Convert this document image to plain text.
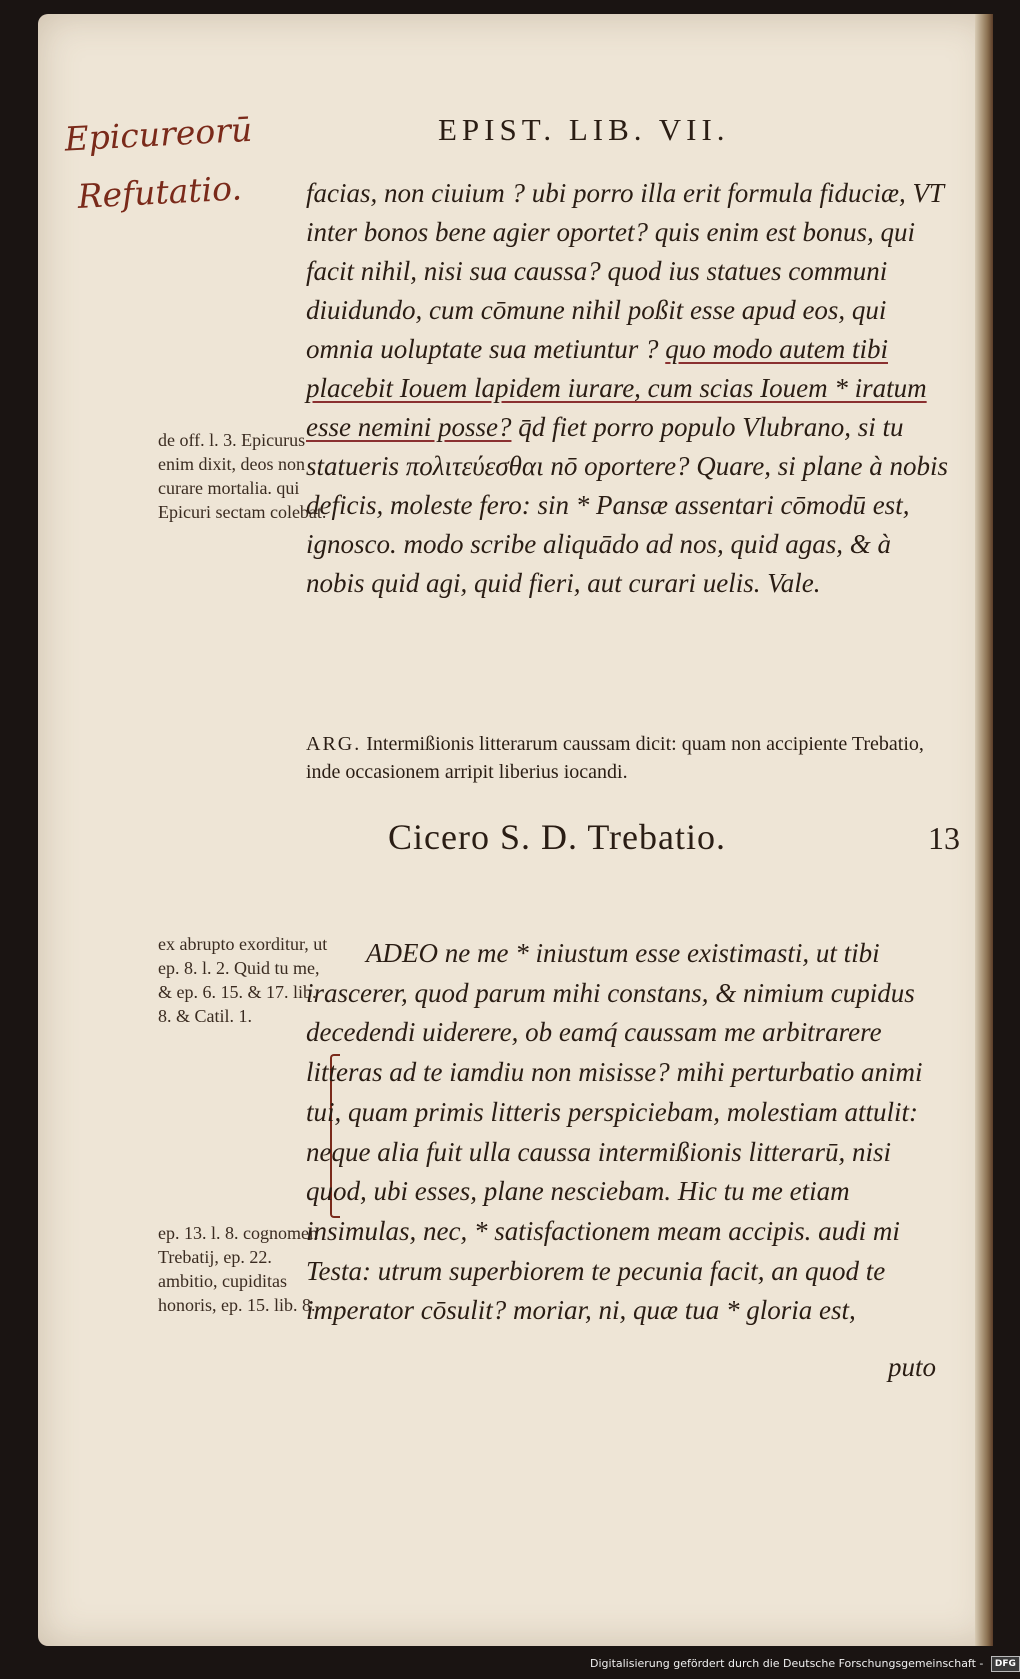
Epicureorū
Refutatio.
EPIST. LIB. VII.
facias, non ciuium ? ubi porro illa erit formula fiduciæ, VT inter bonos bene agier oportet? quis enim est bonus, qui facit nihil, nisi sua caussa? quod ius statues communi diuidundo, cum cōmune nihil poßit esse apud eos, qui omnia uoluptate sua metiuntur ? quo modo autem tibi placebit Iouem lapidem iurare, cum scias Iouem * iratum esse nemini posse? q̄d fiet porro populo Vlubrano, si tu statueris πολιτεύεσθαι nō oportere? Quare, si plane à nobis deficis, moleste fero: sin * Pansæ assentari cōmodū est, ignosco. modo scribe aliquādo ad nos, quid agas, & à nobis quid agi, quid fieri, aut curari uelis. Vale.
de off. l. 3. Epicurus enim dixit, deos non curare mortalia. qui Epicuri sectam colebat.
ARG. Intermißionis litterarum caussam dicit: quam non accipiente Trebatio, inde occasionem arripit liberius iocandi.
Cicero S. D. Trebatio.	13
ex abrupto exorditur, ut ep. 8. l. 2. Quid tu me, & ep. 6. 15. & 17. lib. 8. & Catil. 1.
ep. 13. l. 8. cognomen Trebatij, ep. 22. ambitio, cupiditas honoris, ep. 15. lib. 8.
ADEO ne me * iniustum esse existimasti, ut tibi irascerer, quod parum mihi constans, & nimium cupidus decedendi uiderere, ob eamq́ caussam me arbitrarere litteras ad te iamdiu non misisse? mihi perturbatio animi tui, quam primis litteris perspiciebam, molestiam attulit: neque alia fuit ulla caussa intermißionis litterarū, nisi quod, ubi esses, plane nesciebam. Hic tu me etiam insimulas, nec, * satisfactionem meam accipis. audi mi Testa: utrum superbiorem te pecunia facit, an quod te imperator cōsulit? moriar, ni, quæ tua * gloria est,
puto
Digitalisierung gefördert durch die Deutsche Forschungsgemeinschaft - DFG
